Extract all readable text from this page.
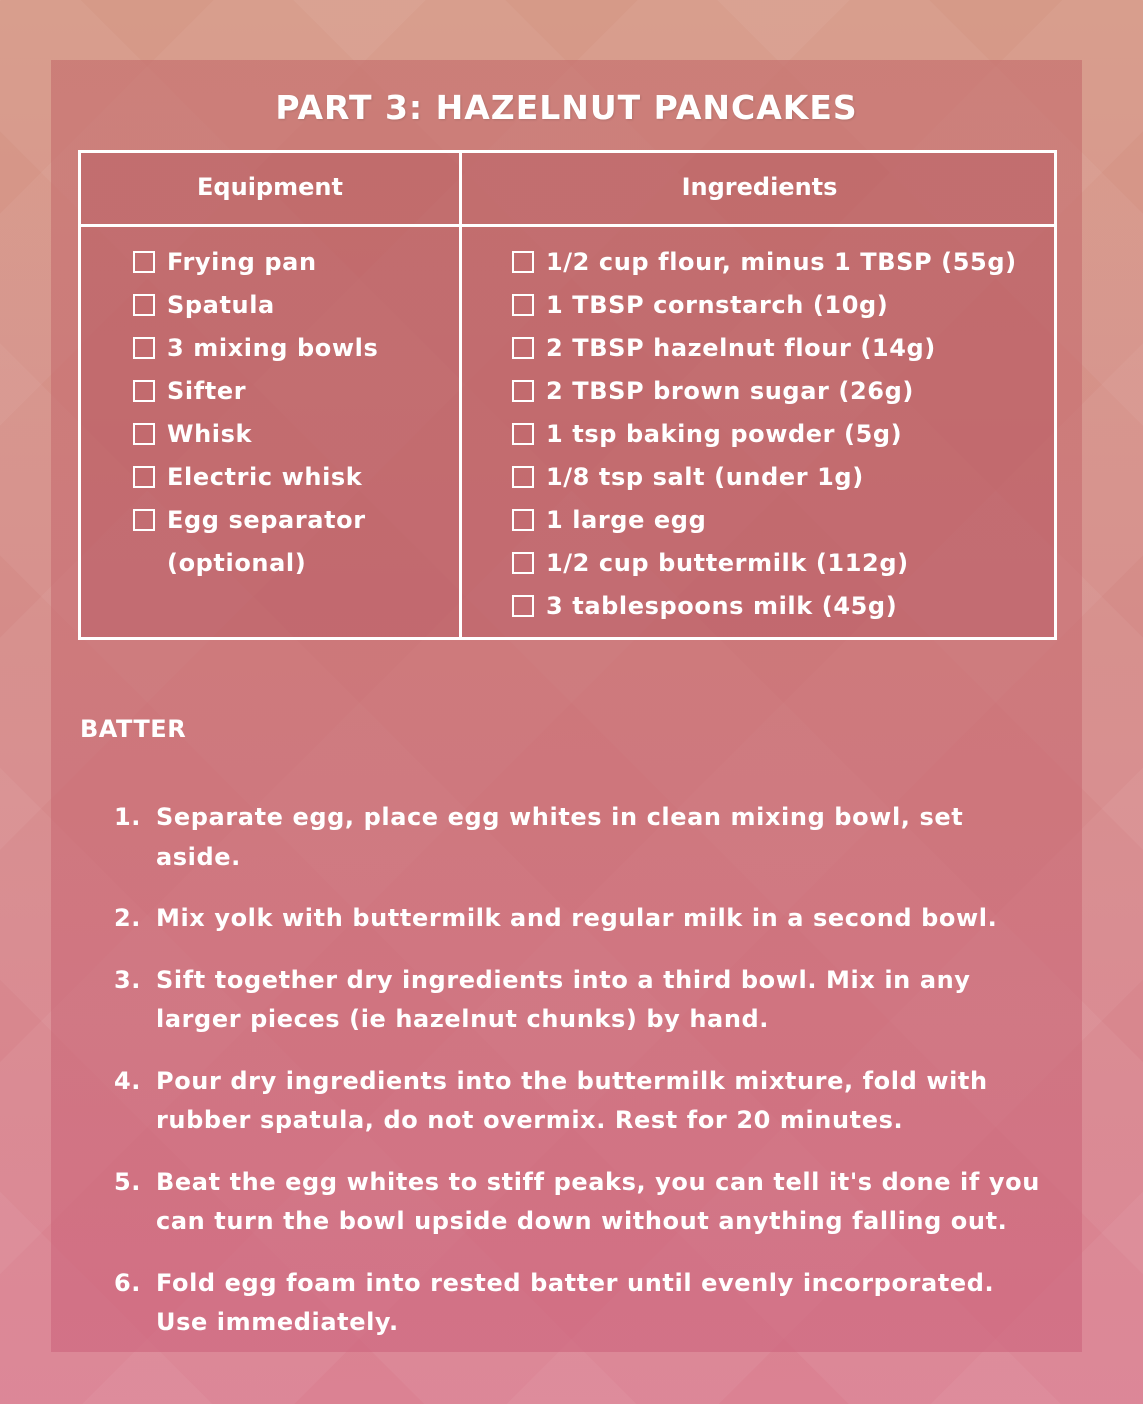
PART 3: HAZELNUT PANCAKES
Equipment	Ingredients
Frying pan
Spatula
3 mixing bowls
Sifter
Whisk
Electric whisk
Egg separator (optional)
1/2 cup flour, minus 1 TBSP (55g)
1 TBSP cornstarch (10g)
2 TBSP hazelnut flour (14g)
2 TBSP brown sugar (26g)
1 tsp baking powder (5g)
1/8 tsp salt (under 1g)
1 large egg
1/2 cup buttermilk (112g)
3 tablespoons milk (45g)
BATTER
1. Separate egg, place egg whites in clean mixing bowl, set aside.
2. Mix yolk with buttermilk and regular milk in a second bowl.
3. Sift together dry ingredients into a third bowl. Mix in any larger pieces (ie hazelnut chunks) by hand.
4. Pour dry ingredients into the buttermilk mixture, fold with rubber spatula, do not overmix. Rest for 20 minutes.
5. Beat the egg whites to stiff peaks, you can tell it's done if you can turn the bowl upside down without anything falling out.
6. Fold egg foam into rested batter until evenly incorporated. Use immediately.
